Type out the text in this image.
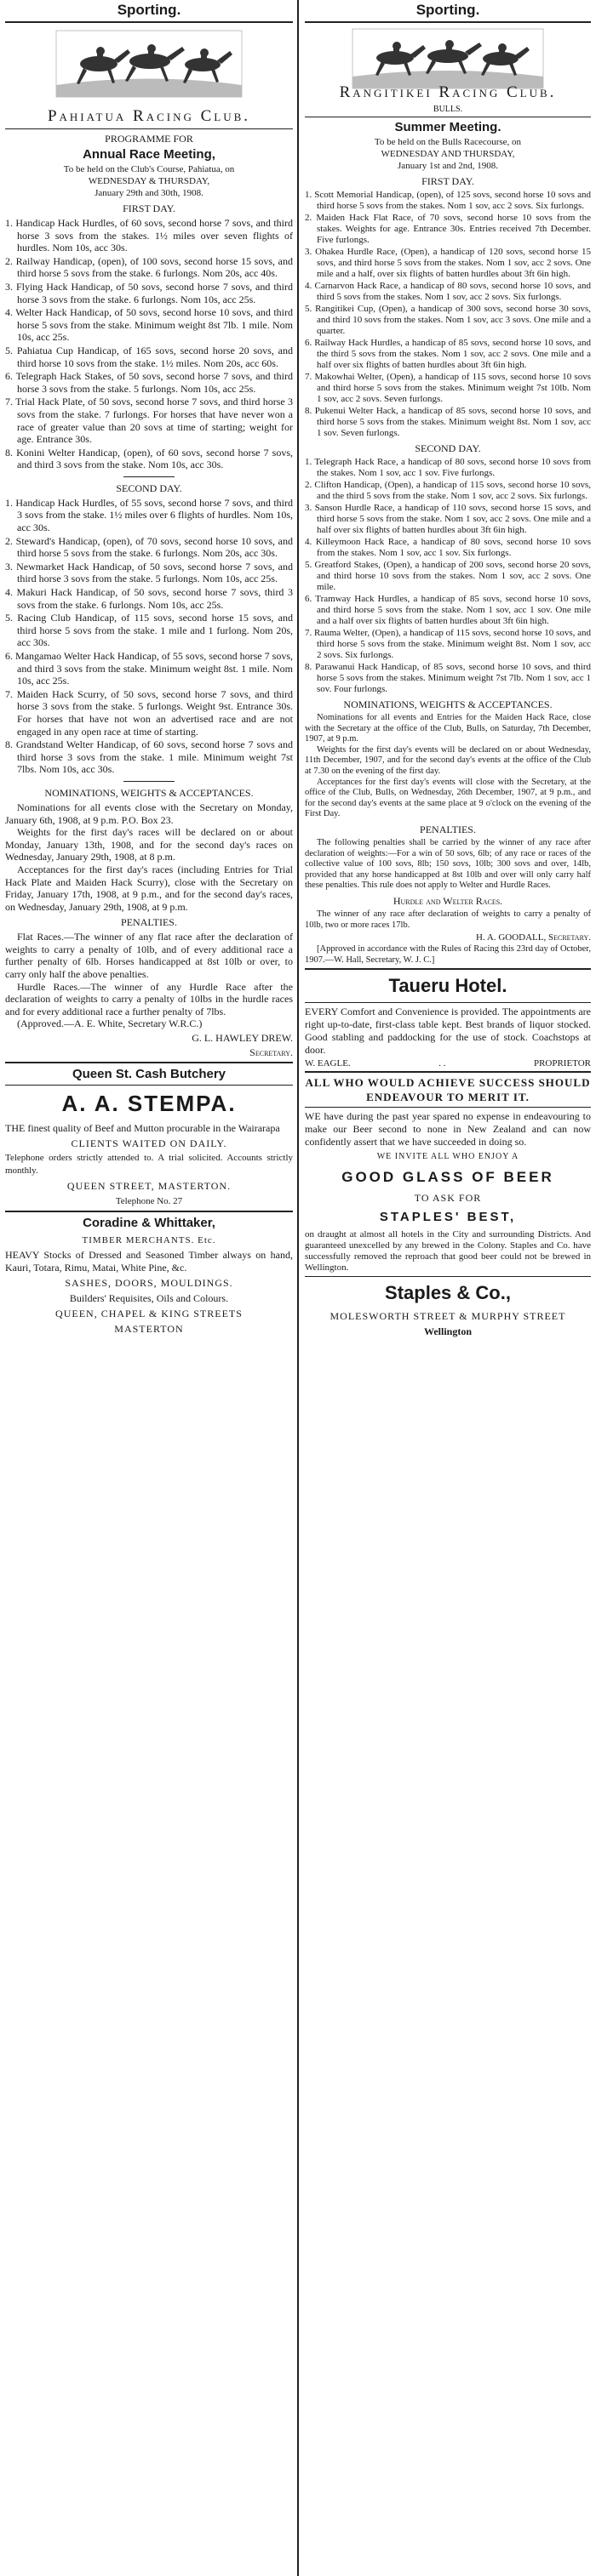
Sporting.
Pahiatua Racing Club.
PROGRAMME FOR
Annual Race Meeting,
To be held on the Club's Course, Pahiatua, on
WEDNESDAY & THURSDAY,
January 29th and 30th, 1908.
FIRST DAY.

1. Handicap Hack Hurdles, of 60 sovs, second horse 7 sovs, and third horse 3 sovs from the stakes. 1½ miles over seven flights of hurdles. Nom 10s, acc 30s.

2. Railway Handicap, (open), of 100 sovs, second horse 15 sovs, and third horse 5 sovs from the stake. 6 furlongs. Nom 20s, acc 40s.

3. Flying Hack Handicap, of 50 sovs, second horse 7 sovs, and third horse 3 sovs from the stake. 6 furlongs. Nom 10s, acc 25s.

4. Welter Hack Handicap, of 50 sovs, second horse 10 sovs, and third horse 5 sovs from the stake. Minimum weight 8st 7lb. 1 mile. Nom 10s, acc 25s.

5. Pahiatua Cup Handicap, of 165 sovs, second horse 20 sovs, and third horse 10 sovs from the stake. 1½ miles. Nom 20s, acc 60s.

6. Telegraph Hack Stakes, of 50 sovs, second horse 7 sovs, and third horse 3 sovs from the stake. 5 furlongs. Nom 10s, acc 25s.

7. Trial Hack Plate, of 50 sovs, second horse 7 sovs, and third horse 3 sovs from the stake. 7 furlongs. For horses that have never won a race of greater value than 20 sovs at time of starting; weight for age. Entrance 30s.

8. Konini Welter Handicap, (open), of 60 sovs, second horse 7 sovs, and third 3 sovs from the stake. Nom 10s, acc 30s.

SECOND DAY.

1. Handicap Hack Hurdles, of 55 sovs, second horse 7 sovs, and third 3 sovs from the stake. 1½ miles over 6 flights of hurdles. Nom 10s, acc 30s.

2. Steward's Handicap, (open), of 70 sovs, second horse 10 sovs, and third horse 5 sovs from the stake. 6 furlongs. Nom 20s, acc 30s.

3. Newmarket Hack Handicap, of 50 sovs, second horse 7 sovs, and third horse 3 sovs from the stake. 5 furlongs. Nom 10s, acc 25s.

4. Makuri Hack Handicap, of 50 sovs, second horse 7 sovs, third 3 sovs from the stake. 6 furlongs. Nom 10s, acc 25s.

5. Racing Club Handicap, of 115 sovs, second horse 15 sovs, and third horse 5 sovs from the stake. 1 mile and 1 furlong. Nom 20s, acc 30s.

6. Mangamao Welter Hack Handicap, of 55 sovs, second horse 7 sovs, and third 3 sovs from the stake. Minimum weight 8st. 1 mile. Nom 10s, acc 25s.

7. Maiden Hack Scurry, of 50 sovs, second horse 7 sovs, and third horse 3 sovs from the stake. 5 furlongs. Weight 9st. Entrance 30s. For horses that have not won an advertised race and are not engaged in any open race at time of starting.

8. Grandstand Welter Handicap, of 60 sovs, second horse 7 sovs and third horse 3 sovs from the stake. 1 mile. Minimum weight 7st 7lbs. Nom 10s, acc 30s.

NOMINATIONS, WEIGHTS & ACCEPTANCES.

Nominations for all events close with the Secretary on Monday, January 6th, 1908, at 9 p.m. P.O. Box 23.

Weights for the first day's races will be declared on or about Monday, January 13th, 1908, and for the second day's races on Wednesday, January 29th, 1908, at 8 p.m.

Acceptances for the first day's races (including Entries for Trial Hack Plate and Maiden Hack Scurry), close with the Secretary on Friday, January 17th, 1908, at 9 p.m., and for the second day's races, on Wednesday, January 29th, 1908, at 9 p.m.

PENALTIES.

Flat Races.—The winner of any flat race after the declaration of weights to carry a penalty of 10lb, and of every additional race a further penalty of 6lb. Horses handicapped at 8st 10lb or over, to carry only half the above penalties.

Hurdle Races.—The winner of any Hurdle Race after the declaration of weights to carry a penalty of 10lbs in the hurdle races and for every additional race a further penalty of 7lbs.

(Approved.—A. E. White, Secretary W.R.C.)

G. L. HAWLEY DREW.
Secretary.
Queen St. Cash Butchery
A. A. STEMPA.

THE finest quality of Beef and Mutton procurable in the Wairarapa

CLIENTS WAITED ON DAILY.

Telephone orders strictly attended to. A trial solicited. Accounts strictly monthly.

QUEEN STREET, MASTERTON.
Telephone No. 27
Coradine & Whittaker,
TIMBER MERCHANTS. Etc.

HEAVY Stocks of Dressed and Seasoned Timber always on hand, Kauri, Totara, Rimu, Matai, White Pine, &c.

SASHES, DOORS, MOULDINGS.
Builders' Requisites, Oils and Colours.
QUEEN, CHAPEL & KING STREETS
MASTERTON
Sporting.
Rangitikei Racing Club.
BULLS.
Summer Meeting.
To be held on the Bulls Racecourse, on
WEDNESDAY AND THURSDAY,
January 1st and 2nd, 1908.
FIRST DAY.

1. Scott Memorial Handicap, (open), of 125 sovs, second horse 10 sovs and third horse 5 sovs from the stakes. Nom 1 sov, acc 2 sovs. Six furlongs.

2. Maiden Hack Flat Race, of 70 sovs, second horse 10 sovs from the stakes. Weights for age. Entrance 30s. Entries received 7th December. Five furlongs.

3. Ohakea Hurdle Race, (Open), a handicap of 120 sovs, second horse 15 sovs, and third horse 5 sovs from the stakes. Nom 1 sov, acc 2 sovs. One mile and a half, over six flights of batten hurdles about 3ft 6in high.

4. Carnarvon Hack Race, a handicap of 80 sovs, second horse 10 sovs, and third 5 sovs from the stakes. Nom 1 sov, acc 2 sovs. Six furlongs.

5. Rangitikei Cup, (Open), a handicap of 300 sovs, second horse 30 sovs, and third 10 sovs from the stakes. Nom 1 sov, acc 3 sovs. One mile and a quarter.

6. Railway Hack Hurdles, a handicap of 85 sovs, second horse 10 sovs, and the third 5 sovs from the stakes. Nom 1 sov, acc 2 sovs. One mile and a half over six flights of batten hurdles about 3ft 6in high.

7. Makowhai Welter, (Open), a handicap of 115 sovs, second horse 10 sovs and third horse 5 sovs from the stakes. Minimum weight 7st 10lb. Nom 1 sov, acc 2 sovs. Seven furlongs.

8. Pukenui Welter Hack, a handicap of 85 sovs, second horse 10 sovs, and third horse 5 sovs from the stakes. Minimum weight 8st. Nom 1 sov, acc 1 sov. Seven furlongs.

SECOND DAY.

1. Telegraph Hack Race, a handicap of 80 sovs, second horse 10 sovs from the stakes. Nom 1 sov, acc 1 sov. Five furlongs.

2. Clifton Handicap, (Open), a handicap of 115 sovs, second horse 10 sovs, and the third 5 sovs from the stake. Nom 1 sov, acc 2 sovs. Six furlongs.

3. Sanson Hurdle Race, a handicap of 110 sovs, second horse 15 sovs, and third horse 5 sovs from the stake. Nom 1 sov, acc 2 sovs. One mile and a half over six flights of batten hurdles about 3ft 6in high.

4. Killeymoon Hack Race, a handicap of 80 sovs, second horse 10 sovs from the stakes. Nom 1 sov, acc 1 sov. Six furlongs.

5. Greatford Stakes, (Open), a handicap of 200 sovs, second horse 20 sovs, and third horse 10 sovs from the stakes. Nom 1 sov, acc 2 sovs. One mile.

6. Tramway Hack Hurdles, a handicap of 85 sovs, second horse 10 sovs, and third horse 5 sovs from the stake. Nom 1 sov, acc 1 sov. One mile and a half over six flights of batten hurdles about 3ft 6in high.

7. Rauma Welter, (Open), a handicap of 115 sovs, second horse 10 sovs, and third horse 5 sovs from the stake. Minimum weight 8st. Nom 1 sov, acc 2 sovs. Six furlongs.

8. Parawanui Hack Handicap, of 85 sovs, second horse 10 sovs, and third horse 5 sovs from the stakes. Minimum weight 7st 7lb. Nom 1 sov, acc 1 sov. Four furlongs.

NOMINATIONS, WEIGHTS & ACCEPTANCES.

Nominations for all events and Entries for the Maiden Hack Race, close with the Secretary at the office of the Club, Bulls, on Saturday, 7th December, 1907, at 9 p.m.

Weights for the first day's events will be declared on or about Wednesday, 11th December, 1907, and for the second day's events at the office of the Club at 7.30 on the evening of the first day.

Acceptances for the first day's events will close with the Secretary, at the office of the Club, Bulls, on Wednesday, 26th December, 1907, at 9 p.m., and for the second day's events at the same place at 9 o'clock on the evening of the First Day.

PENALTIES.

The following penalties shall be carried by the winner of any race after declaration of weights:—For a win of 50 sovs, 6lb; of any race or races of the collective value of 100 sovs, 8lb; 150 sovs, 10lb; 300 sovs and over, 14lb, provided that any horse handicapped at 8st 10lb and over will only carry half these penalties. This rule does not apply to Welter and Hurdle Races.

Hurdle and Welter Races.

The winner of any race after declaration of weights to carry a penalty of 10lb, two or more races 17lb.

H. A. GOODALL, Secretary.

[Approved in accordance with the Rules of Racing this 23rd day of October, 1907.—W. Hall, Secretary, W. J. C.]

Taueru Hotel.

EVERY Comfort and Convenience is provided. The appointments are right up-to-date, first-class table kept. Best brands of liquor stocked. Good stabling and paddocking for the use of stock. Coachstops at door.

W. EAGLE.	. .	PROPRIETOR
ALL WHO WOULD ACHIEVE SUCCESS SHOULD ENDEAVOUR TO MERIT IT.

WE have during the past year spared no expense in endeavouring to make our Beer second to none in New Zealand and can now confidently assert that we have succeeded in doing so.

WE INVITE ALL WHO ENJOY A
GOOD GLASS OF BEER
TO ASK FOR
STAPLES' BEST,

on draught at almost all hotels in the City and surrounding Districts. And guaranteed unexcelled by any brewed in the Colony. Staples and Co. have successfully removed the reproach that good beer could not be brewed in Wellington.

Staples & Co.,
MOLESWORTH STREET & MURPHY STREET
Wellington
